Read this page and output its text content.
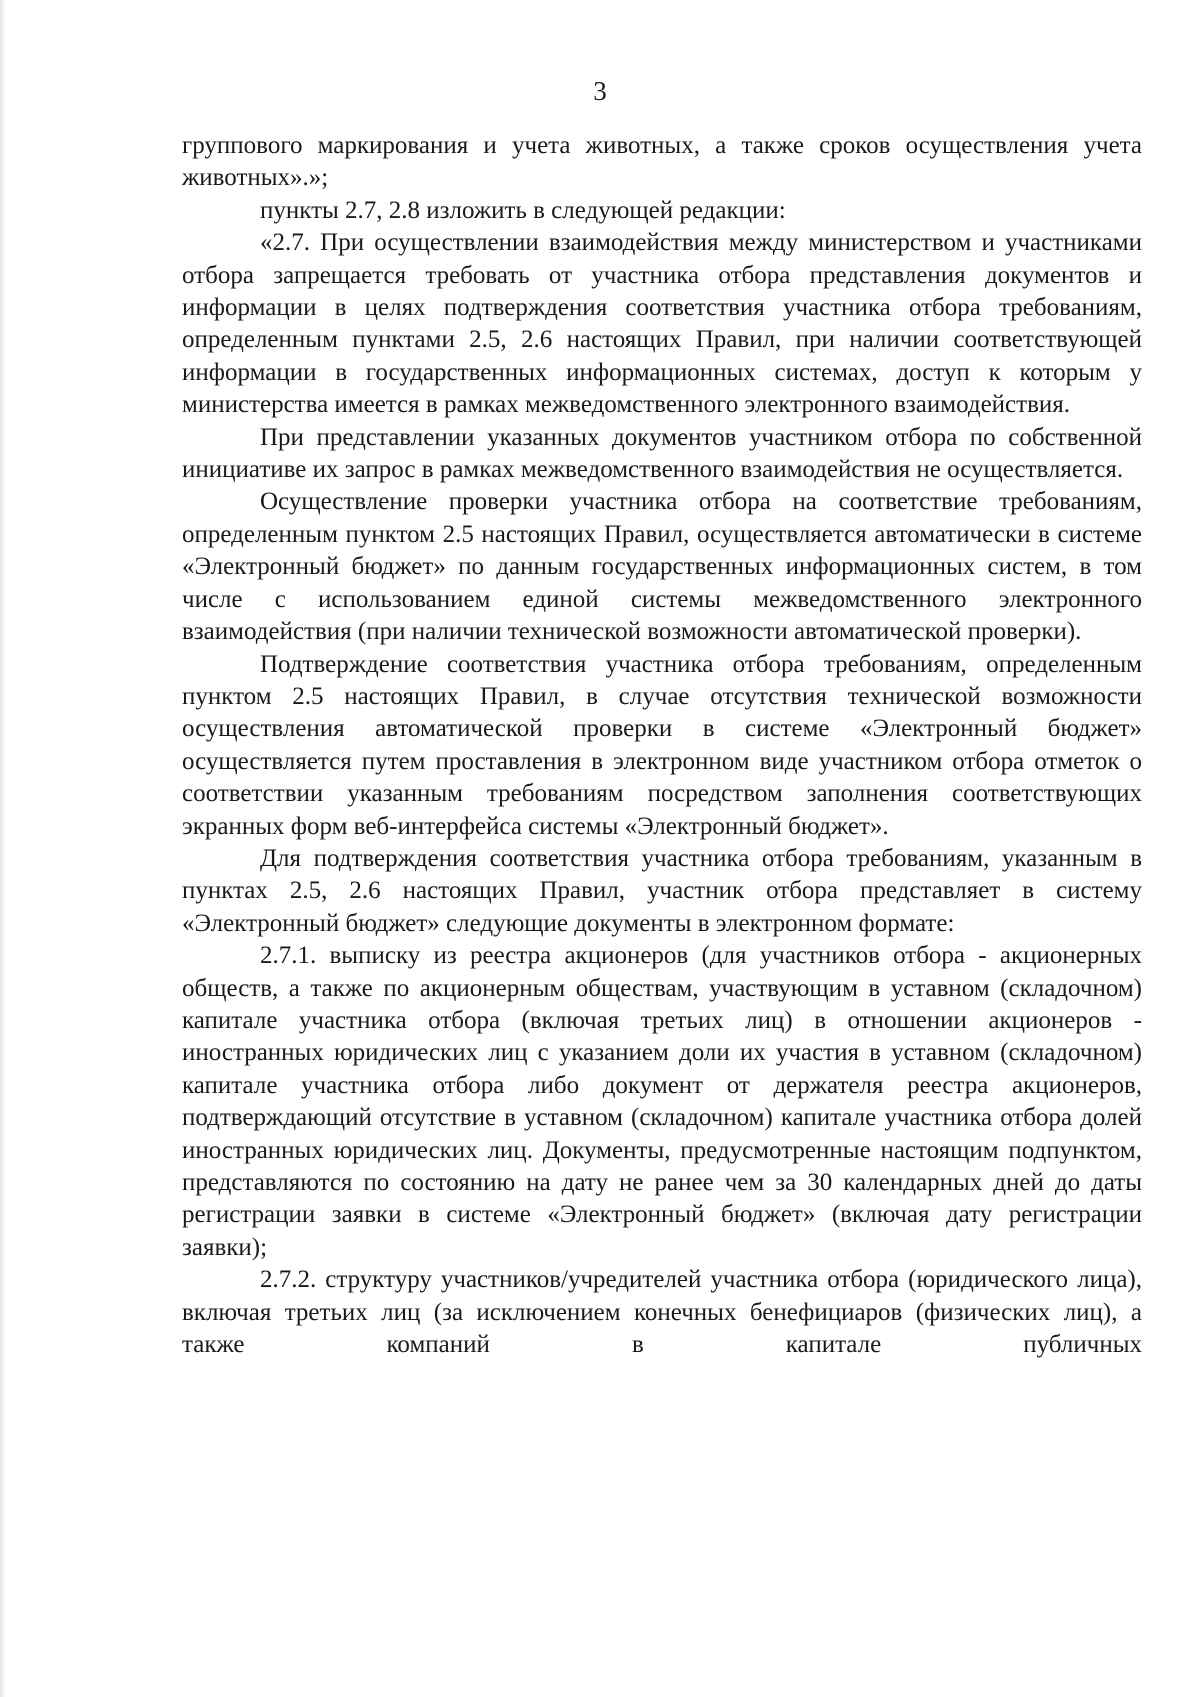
3

группового маркирования и учета животных, а также сроков осуществления учета животных».»;

пункты 2.7, 2.8 изложить в следующей редакции:

«2.7. При осуществлении взаимодействия между министерством и участниками отбора запрещается требовать от участника отбора представления документов и информации в целях подтверждения соответствия участника отбора требованиям, определенным пунктами 2.5, 2.6 настоящих Правил, при наличии соответствующей информации в государственных информационных системах, доступ к которым у министерства имеется в рамках межведомственного электронного взаимодействия.

При представлении указанных документов участником отбора по собственной инициативе их запрос в рамках межведомственного взаимодействия не осуществляется.

Осуществление проверки участника отбора на соответствие требованиям, определенным пунктом 2.5 настоящих Правил, осуществляется автоматически в системе «Электронный бюджет» по данным государственных информационных систем, в том числе с использованием единой системы межведомственного электронного взаимодействия (при наличии технической возможности автоматической проверки).

Подтверждение соответствия участника отбора требованиям, определенным пунктом 2.5 настоящих Правил, в случае отсутствия технической возможности осуществления автоматической проверки в системе «Электронный бюджет» осуществляется путем проставления в электронном виде участником отбора отметок о соответствии указанным требованиям посредством заполнения соответствующих экранных форм веб-интерфейса системы «Электронный бюджет».

Для подтверждения соответствия участника отбора требованиям, указанным в пунктах 2.5, 2.6 настоящих Правил, участник отбора представляет в систему «Электронный бюджет» следующие документы в электронном формате:

2.7.1. выписку из реестра акционеров (для участников отбора - акционерных обществ, а также по акционерным обществам, участвующим в уставном (складочном) капитале участника отбора (включая третьих лиц) в отношении акционеров - иностранных юридических лиц с указанием доли их участия в уставном (складочном) капитале участника отбора либо документ от держателя реестра акционеров, подтверждающий отсутствие в уставном (складочном) капитале участника отбора долей иностранных юридических лиц. Документы, предусмотренные настоящим подпунктом, представляются по состоянию на дату не ранее чем за 30 календарных дней до даты регистрации заявки в системе «Электронный бюджет» (включая дату регистрации заявки);

2.7.2. структуру участников/учредителей участника отбора (юридического лица), включая третьих лиц (за исключением конечных бенефициаров (физических лиц), а также компаний в капитале публичных
